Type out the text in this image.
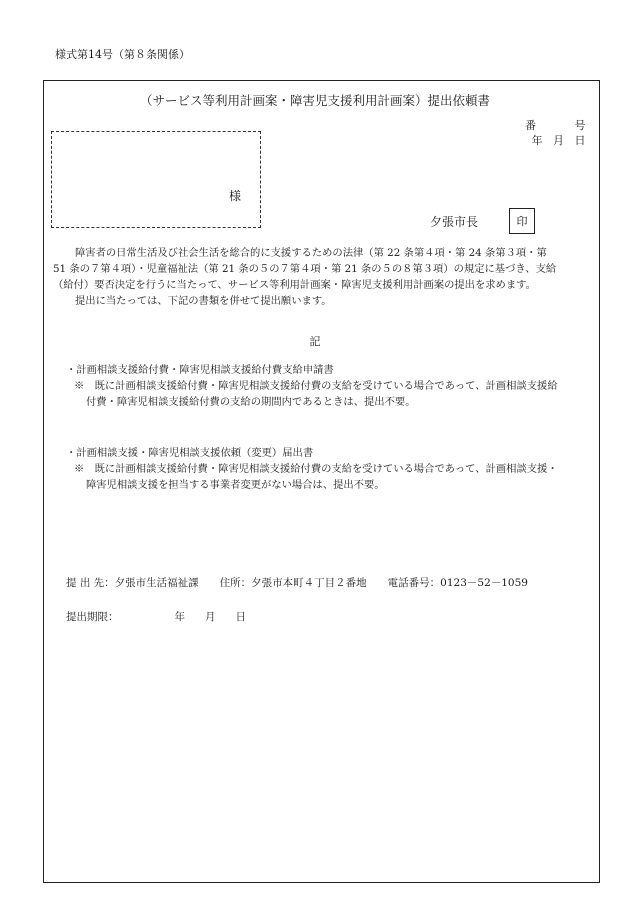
様式第14号（第８条関係）
（サービス等利用計画案・障害児支援利用計画案）提出依頼書
番	号
年 月 日
様
夕張市長	印

障害者の日常生活及び社会生活を総合的に支援するための法律（第 22 条第４項・第 24 条第３項・第

51 条の７第４項）・児童福祉法（第 21 条の５の７第４項・第 21 条の５の８第３項）の規定に基づき、支給

（給付）要否決定を行うに当たって、サービス等利用計画案・障害児支援利用計画案の提出を求めます。

提出に当たっては、下記の書類を併せて提出願います。

記
・計画相談支援給付費・障害児相談支援給付費支給申請書
※　既に計画相談支援給付費・障害児相談支援給付費の支給を受けている場合であって、計画相談支援給
付費・障害児相談支援給付費の支給の期間内であるときは、提出不要。
・計画相談支援・障害児相談支援依頼（変更）届出書
※　既に計画相談支援給付費・障害児相談支援給付費の支給を受けている場合であって、計画相談支援・
障害児相談支援を担当する事業者変更がない場合は、提出不要。
提 出 先：夕張市生活福祉課　　住所：夕張市本町４丁目２番地　　電話番号：0123－52－1059
提出期限：	年 月 日
